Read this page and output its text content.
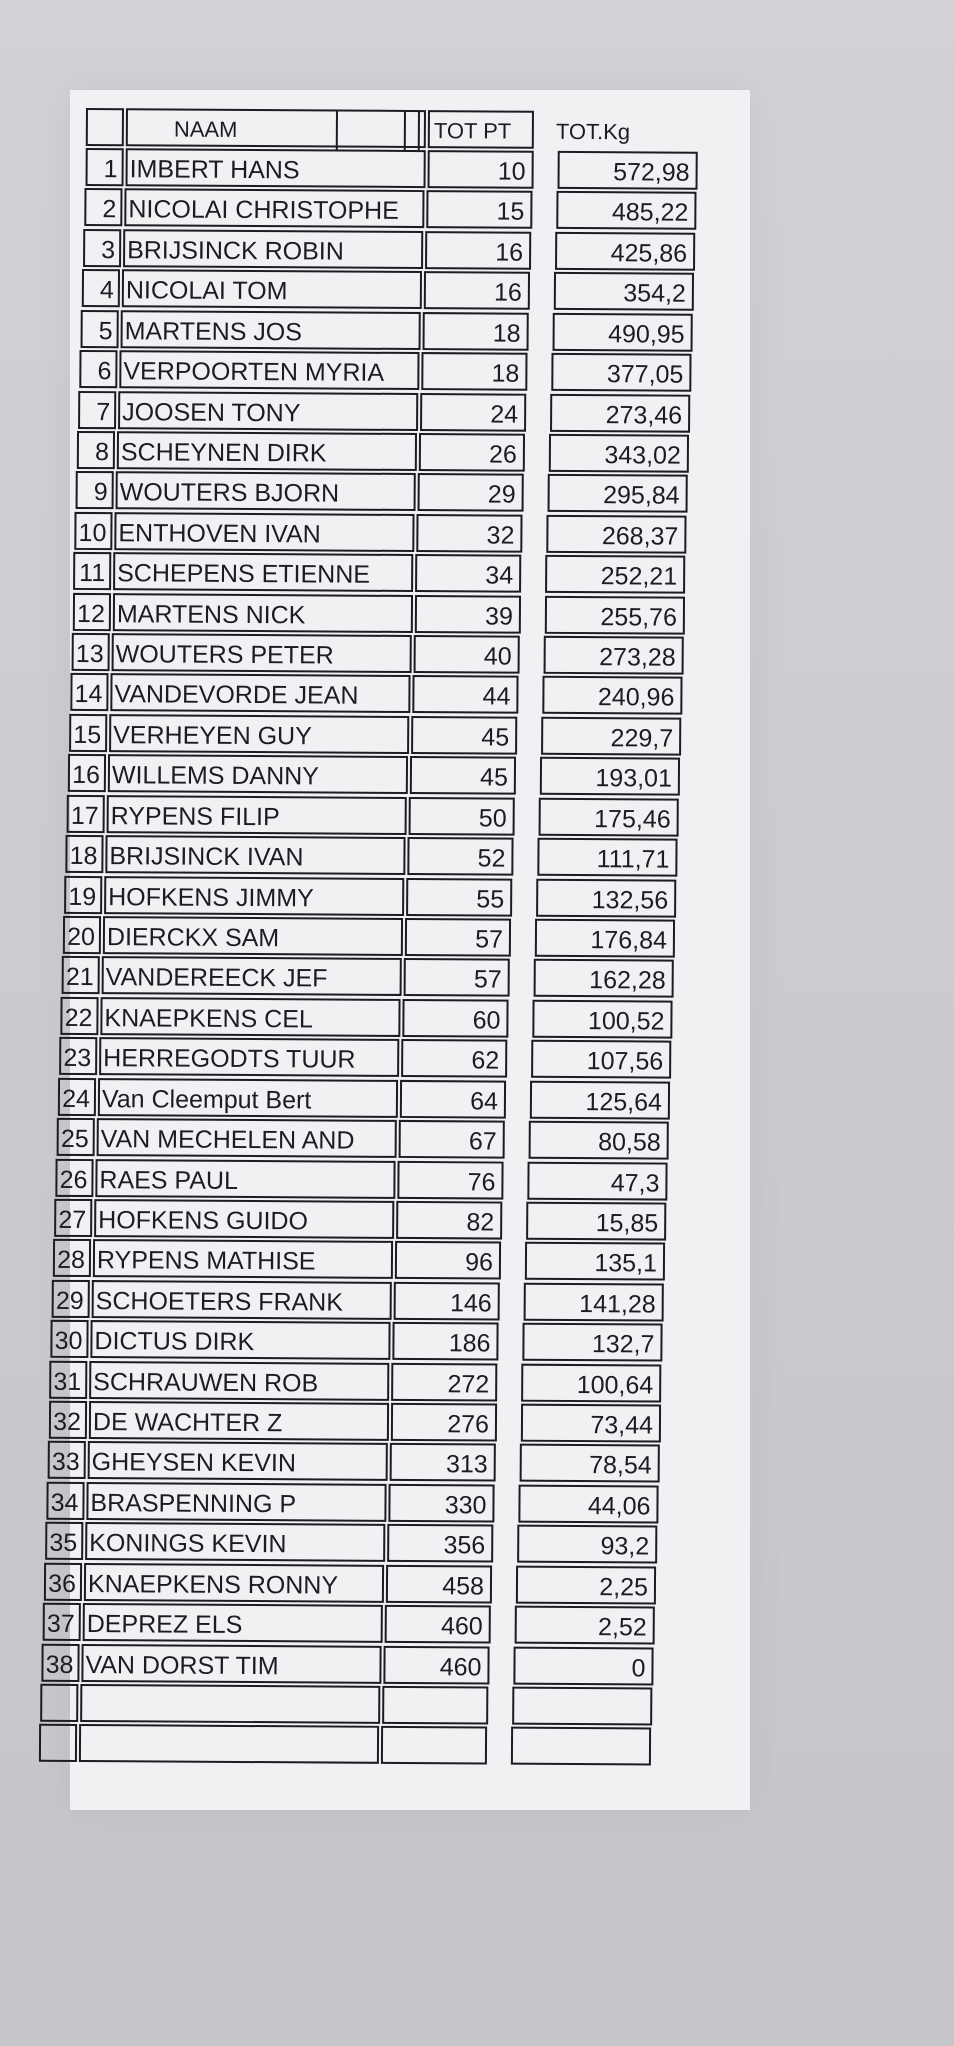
NAAM	TOT PT	TOT.Kg
1 IMBERT HANS	10	572,98
2 NICOLAI CHRISTOPHE	15	485,22
3 BRIJSINCK ROBIN	16	425,86
4 NICOLAI TOM	16	354,2
5 MARTENS JOS	18	490,95
6 VERPOORTEN MYRIA	18	377,05
7 JOOSEN TONY	24	273,46
8 SCHEYNEN DIRK	26	343,02
9 WOUTERS BJORN	29	295,84
10 ENTHOVEN IVAN	32	268,37
11 SCHEPENS ETIENNE	34	252,21
12 MARTENS NICK	39	255,76
13 WOUTERS PETER	40	273,28
14 VANDEVORDE JEAN	44	240,96
15 VERHEYEN GUY	45	229,7
16 WILLEMS DANNY	45	193,01
17 RYPENS FILIP	50	175,46
18 BRIJSINCK IVAN	52	111,71
19 HOFKENS JIMMY	55	132,56
20 DIERCKX SAM	57	176,84
21 VANDEREECK JEF	57	162,28
22 KNAEPKENS CEL	60	100,52
23 HERREGODTS TUUR	62	107,56
24 Van Cleemput Bert	64	125,64
25 VAN MECHELEN AND	67	80,58
26 RAES PAUL	76	47,3
27 HOFKENS GUIDO	82	15,85
28 RYPENS MATHISE	96	135,1
29 SCHOETERS FRANK	146	141,28
30 DICTUS DIRK	186	132,7
31 SCHRAUWEN ROB	272	100,64
32 DE WACHTER Z	276	73,44
33 GHEYSEN KEVIN	313	78,54
34 BRASPENNING P	330	44,06
35 KONINGS KEVIN	356	93,2
36 KNAEPKENS RONNY	458	2,25
37 DEPREZ ELS	460	2,52
38 VAN DORST TIM	460	0
